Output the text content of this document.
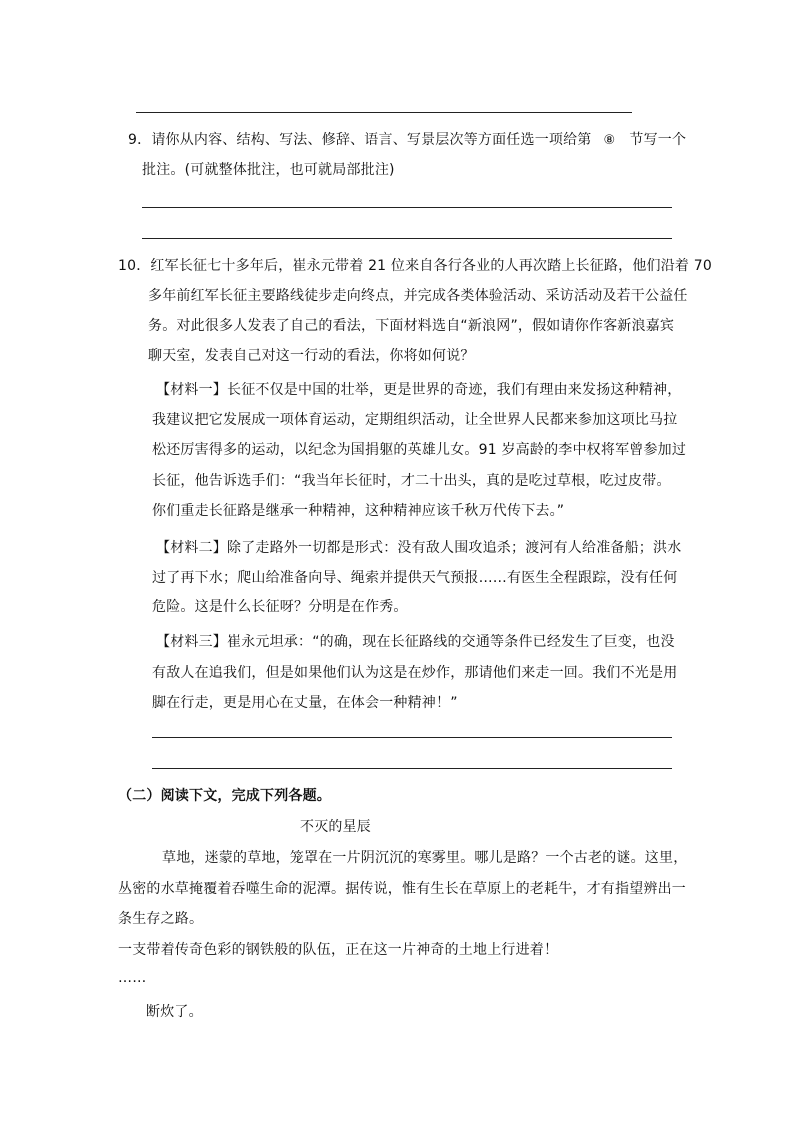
9．请你从内容、结构、写法、修辞、语言、写景层次等方面任选一项给第 ⑧ 节写一个
批注。(可就整体批注，也可就局部批注)
10．红军长征七十多年后，崔永元带着 21 位来自各行各业的人再次踏上长征路，他们沿着 70
多年前红军长征主要路线徒步走向终点，并完成各类体验活动、采访活动及若干公益任
务。对此很多人发表了自己的看法，下面材料选自“新浪网”，假如请你作客新浪嘉宾
聊天室，发表自己对这一行动的看法，你将如何说？
【材料一】长征不仅是中国的壮举，更是世界的奇迹，我们有理由来发扬这种精神，
我建议把它发展成一项体育运动，定期组织活动，让全世界人民都来参加这项比马拉
松还厉害得多的运动，以纪念为国捐躯的英雄儿女。91 岁高龄的李中权将军曾参加过
长征，他告诉选手们：“我当年长征时，才二十出头，真的是吃过草根，吃过皮带。
你们重走长征路是继承一种精神，这种精神应该千秋万代传下去。”
【材料二】除了走路外一切都是形式：没有敌人围攻追杀；渡河有人给准备船；洪水
过了再下水；爬山给准备向导、绳索并提供天气预报……有医生全程跟踪，没有任何
危险。这是什么长征呀？分明是在作秀。
【材料三】崔永元坦承：“的确，现在长征路线的交通等条件已经发生了巨变，也没
有敌人在追我们，但是如果他们认为这是在炒作，那请他们来走一回。我们不光是用
脚在行走，更是用心在丈量，在体会一种精神！”
（二）阅读下文，完成下列各题。
不灭的星辰
草地，迷蒙的草地，笼罩在一片阴沉沉的寒雾里。哪儿是路？一个古老的谜。这里，
丛密的水草掩覆着吞噬生命的泥潭。据传说，惟有生长在草原上的老耗牛，才有指望辨出一
条生存之路。
一支带着传奇色彩的钢铁般的队伍，正在这一片神奇的土地上行进着！
……
断炊了。
